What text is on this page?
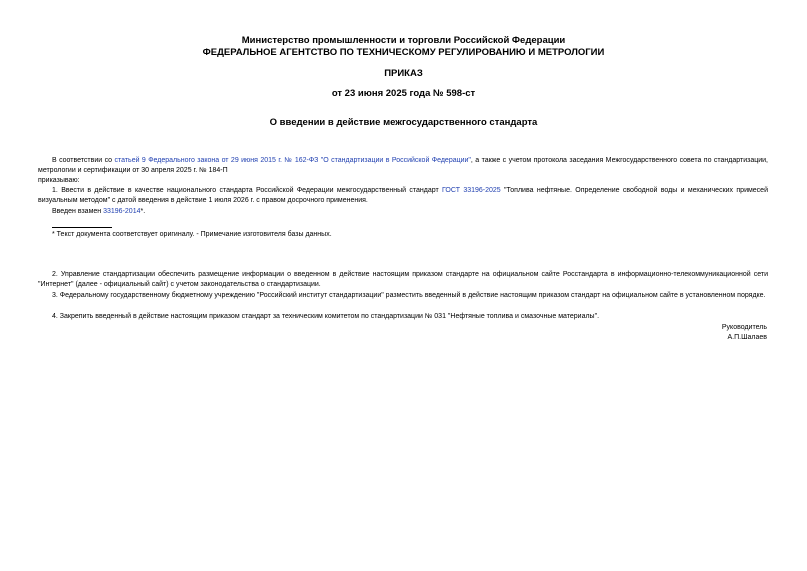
Министерство промышленности и торговли Российской Федерации
ФЕДЕРАЛЬНОЕ АГЕНТСТВО ПО ТЕХНИЧЕСКОМУ РЕГУЛИРОВАНИЮ И МЕТРОЛОГИИ
ПРИКАЗ
от 23 июня 2025 года № 598-ст
О введении в действие межгосударственного стандарта
В соответствии со статьей 9 Федерального закона от 29 июня 2015 г. № 162-ФЗ "О стандартизации в Российской Федерации", а также с учетом протокола заседания Межгосударственного совета по стандартизации, метрологии и сертификации от 30 апреля 2025 г. № 184-П
приказываю:
1. Ввести в действие в качестве национального стандарта Российской Федерации межгосударственный стандарт ГОСТ 33196-2025 "Топлива нефтяные. Определение свободной воды и механических примесей визуальным методом" с датой введения в действие 1 июля 2026 г. с правом досрочного применения.
Введен взамен 33196-2014*.
* Текст документа соответствует оригиналу. - Примечание изготовителя базы данных.
2. Управление стандартизации обеспечить размещение информации о введенном в действие настоящим приказом стандарте на официальном сайте Росстандарта в информационно-телекоммуникационной сети "Интернет" (далее - официальный сайт) с учетом законодательства о стандартизации.
3. Федеральному государственному бюджетному учреждению "Российский институт стандартизации" разместить введенный в действие настоящим приказом стандарт на официальном сайте в установленном порядке.
4. Закрепить введенный в действие настоящим приказом стандарт за техническим комитетом по стандартизации № 031 "Нефтяные топлива и смазочные материалы".
Руководитель
А.П.Шалаев
